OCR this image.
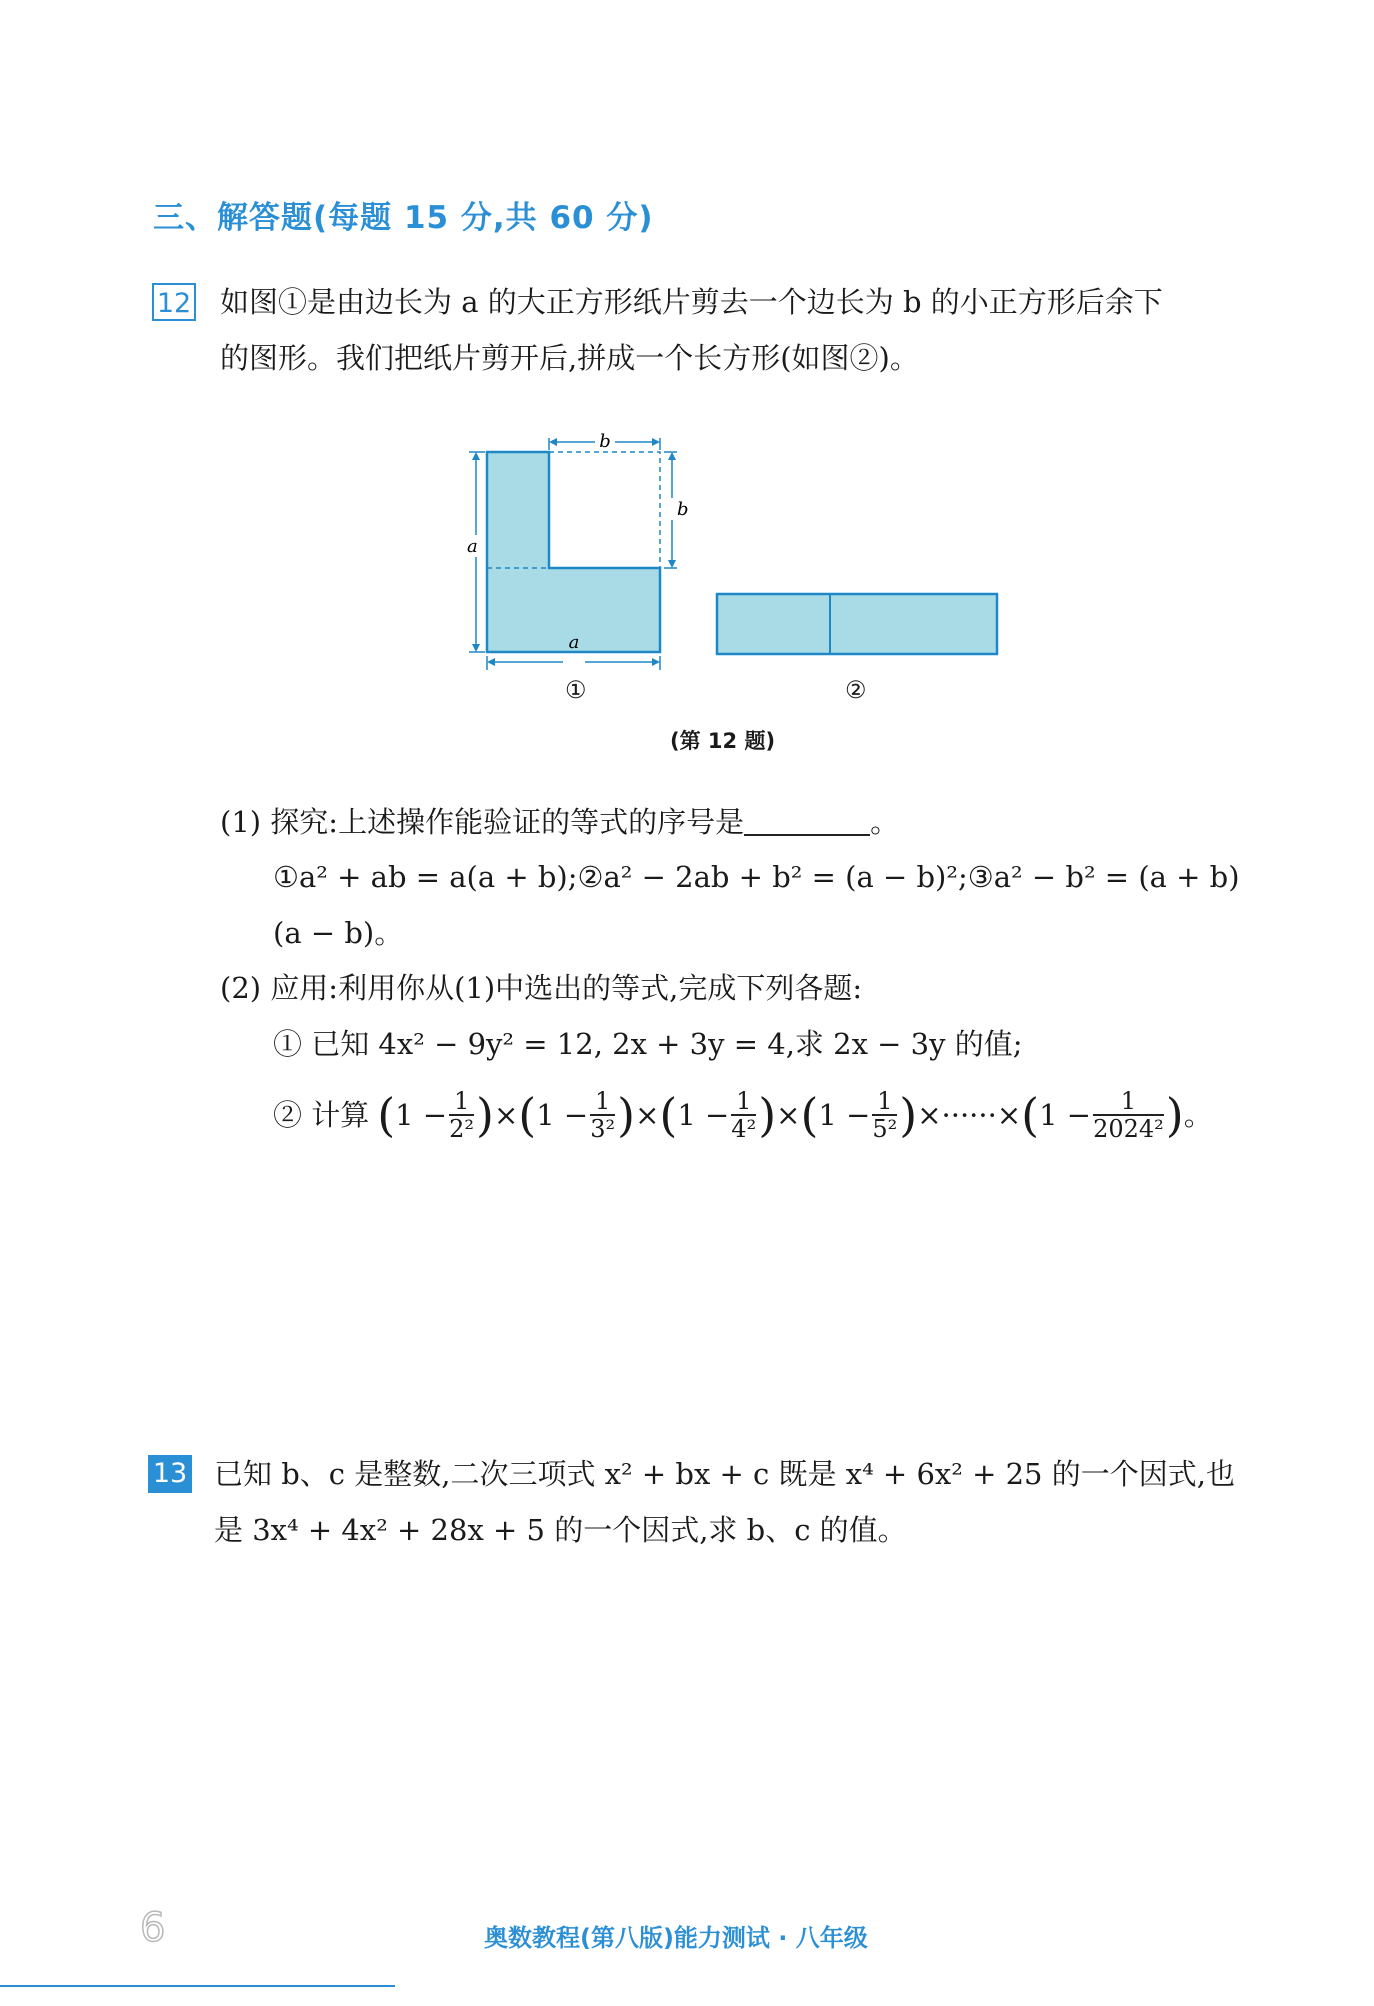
三、解答题(每题 15 分,共 60 分)
12 如图①是由边长为 a 的大正方形纸片剪去一个边长为 b 的小正方形后余下
的图形。我们把纸片剪开后,拼成一个长方形(如图②)。
b
b
a
a
①	②
(第 12 题)
(1) 探究:上述操作能验证的等式的序号是	。
①a² + ab = a(a + b);②a² − 2ab + b² = (a − b)²;③a² − b² = (a + b)
(a − b)。
(2) 应用:利用你从(1)中选出的等式,完成下列各题:
① 已知 4x² − 9y² = 12, 2x + 3y = 4,求 2x − 3y 的值;
② 计算 ( $1 - \frac{1}{\text{2²}}$ ) × ( $1 - \frac{1}{\text{3²}}$ ) × ( $1 - \frac{1}{\text{4²}}$ ) × ( $1 - \frac{1}{\text{5²}}$ ) × ······ × ( $1 - \frac{1}{\text{2024²}}$ ) 。
13 已知 b、c 是整数,二次三项式 x² + bx + c 既是 x⁴ + 6x² + 25 的一个因式,也
是 3x⁴ + 4x² + 28x + 5 的一个因式,求 b、c 的值。
6	奥数教程(第八版)能力测试 · 八年级
